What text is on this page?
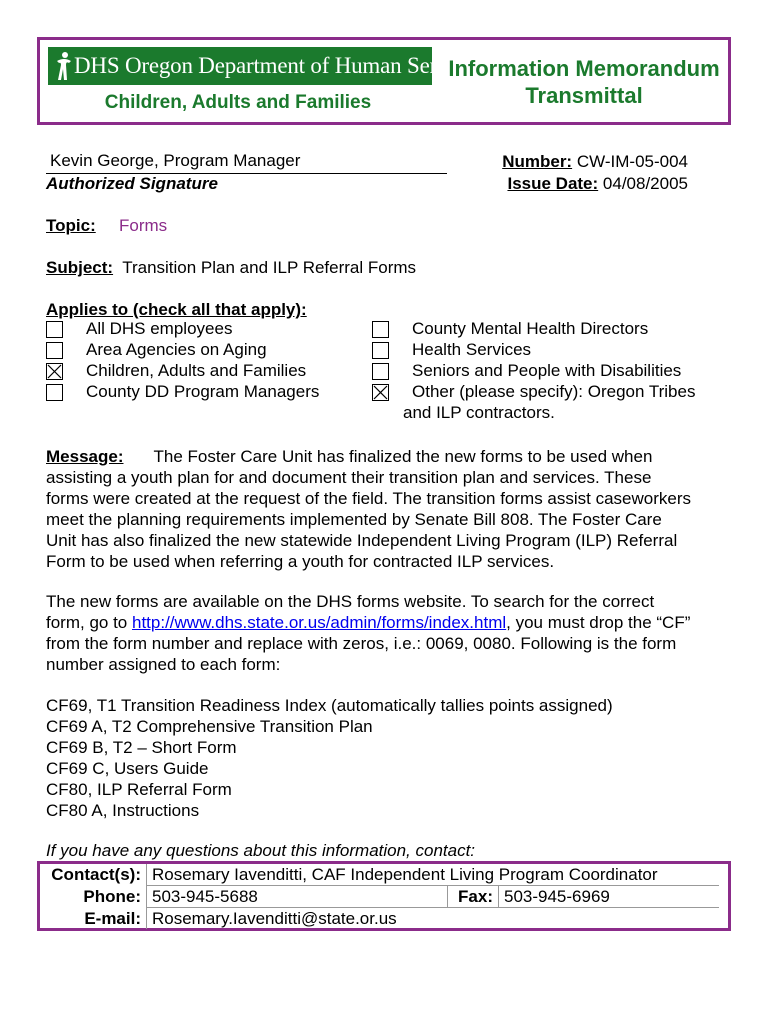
DHS Oregon Department of Human Services
Children, Adults and Families
Information Memorandum
Transmittal
Kevin George, Program Manager
Authorized Signature
Number: CW-IM-05-004
Issue Date: 04/08/2005
Topic: Forms
Subject: Transition Plan and ILP Referral Forms
Applies to (check all that apply):
All DHS employees
Area Agencies on Aging
Children, Adults and Families
County DD Program Managers
County Mental Health Directors
Health Services
Seniors and People with Disabilities
Other (please specify): Oregon Tribes
and ILP contractors.
Message: The Foster Care Unit has finalized the new forms to be used when
assisting a youth plan for and document their transition plan and services. These
forms were created at the request of the field. The transition forms assist caseworkers
meet the planning requirements implemented by Senate Bill 808. The Foster Care
Unit has also finalized the new statewide Independent Living Program (ILP) Referral
Form to be used when referring a youth for contracted ILP services.
The new forms are available on the DHS forms website. To search for the correct
form, go to http://www.dhs.state.or.us/admin/forms/index.html, you must drop the “CF”
from the form number and replace with zeros, i.e.: 0069, 0080. Following is the form
number assigned to each form:
CF69, T1 Transition Readiness Index (automatically tallies points assigned)
CF69 A, T2 Comprehensive Transition Plan
CF69 B, T2 – Short Form
CF69 C, Users Guide
CF80, ILP Referral Form
CF80 A, Instructions
If you have any questions about this information, contact:
Contact(s):	Rosemary Iavenditti, CAF Independent Living Program Coordinator		
Phone:	503-945-5688	Fax:	503-945-6969
E-mail:	Rosemary.Iavenditti@state.or.us		
